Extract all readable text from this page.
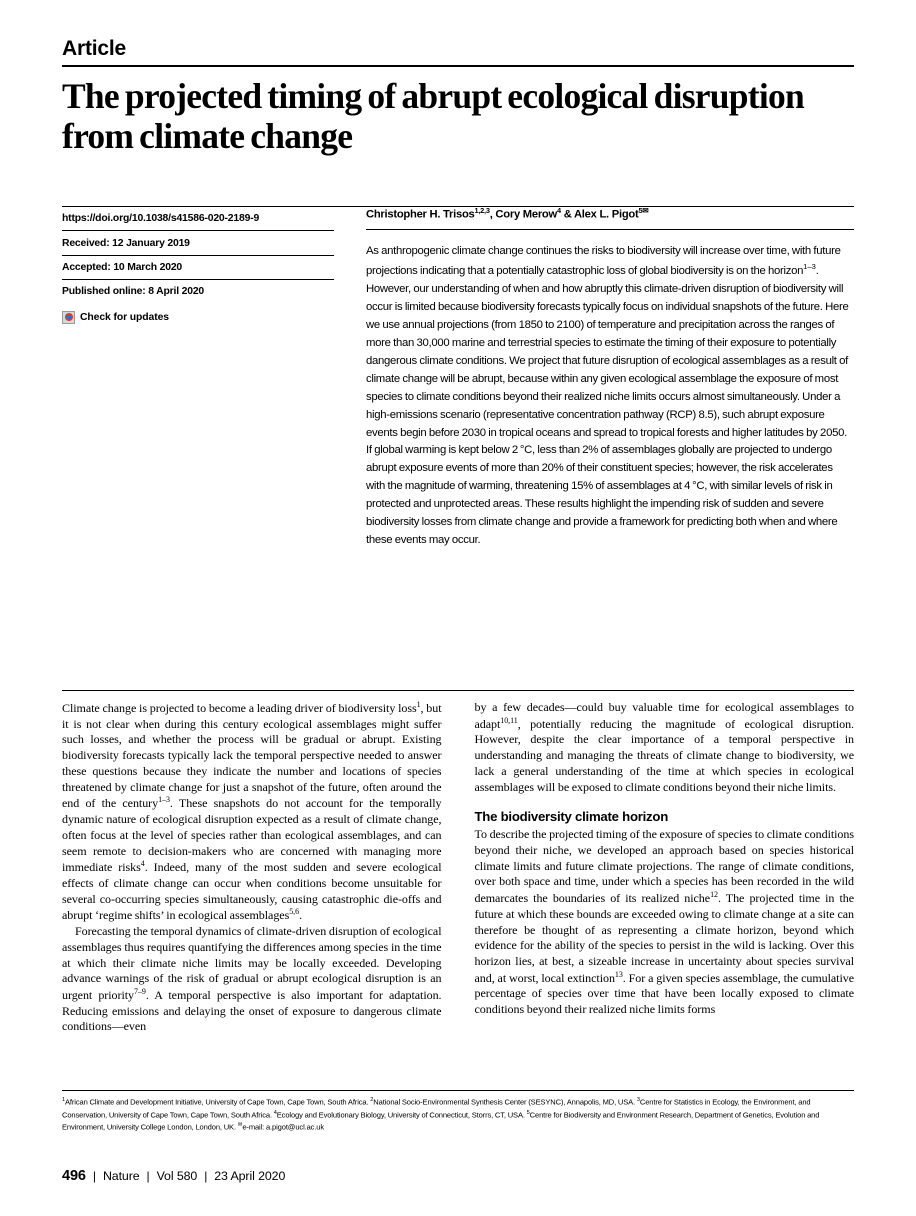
Article
The projected timing of abrupt ecological disruption from climate change
https://doi.org/10.1038/s41586-020-2189-9
Received: 12 January 2019
Accepted: 10 March 2020
Published online: 8 April 2020
Check for updates
Christopher H. Trisos$^{1,2,3}$, Cory Merow$^4$ & Alex L. Pigot$^{5✉}$
As anthropogenic climate change continues the risks to biodiversity will increase over time, with future projections indicating that a potentially catastrophic loss of global biodiversity is on the horizon$^{1-3}$. However, our understanding of when and how abruptly this climate-driven disruption of biodiversity will occur is limited because biodiversity forecasts typically focus on individual snapshots of the future. Here we use annual projections (from 1850 to 2100) of temperature and precipitation across the ranges of more than 30,000 marine and terrestrial species to estimate the timing of their exposure to potentially dangerous climate conditions. We project that future disruption of ecological assemblages as a result of climate change will be abrupt, because within any given ecological assemblage the exposure of most species to climate conditions beyond their realized niche limits occurs almost simultaneously. Under a high-emissions scenario (representative concentration pathway (RCP) 8.5), such abrupt exposure events begin before 2030 in tropical oceans and spread to tropical forests and higher latitudes by 2050. If global warming is kept below 2 °C, less than 2% of assemblages globally are projected to undergo abrupt exposure events of more than 20% of their constituent species; however, the risk accelerates with the magnitude of warming, threatening 15% of assemblages at 4 °C, with similar levels of risk in protected and unprotected areas. These results highlight the impending risk of sudden and severe biodiversity losses from climate change and provide a framework for predicting both when and where these events may occur.

Climate change is projected to become a leading driver of biodiversity loss$^1$, but it is not clear when during this century ecological assemblages might suffer such losses, and whether the process will be gradual or abrupt. Existing biodiversity forecasts typically lack the temporal perspective needed to answer these questions because they indicate the number and locations of species threatened by climate change for just a snapshot of the future, often around the end of the century$^{1-3}$. These snapshots do not account for the temporally dynamic nature of ecological disruption expected as a result of climate change, often focus at the level of species rather than ecological assemblages, and can seem remote to decision-makers who are concerned with managing more immediate risks$^4$. Indeed, many of the most sudden and severe ecological effects of climate change can occur when conditions become unsuitable for several co-occurring species simultaneously, causing catastrophic die-offs and abrupt ‘regime shifts’ in ecological assemblages$^{5,6}$.

Forecasting the temporal dynamics of climate-driven disruption of ecological assemblages thus requires quantifying the differences among species in the time at which their climate niche limits may be locally exceeded. Developing advance warnings of the risk of gradual or abrupt ecological disruption is an urgent priority$^{7-9}$. A temporal perspective is also important for adaptation. Reducing emissions and delaying the onset of exposure to dangerous climate conditions—even

by a few decades—could buy valuable time for ecological assemblages to adapt$^{10,11}$, potentially reducing the magnitude of ecological disruption. However, despite the clear importance of a temporal perspective in understanding and managing the threats of climate change to biodiversity, we lack a general understanding of the time at which species in ecological assemblages will be exposed to climate conditions beyond their niche limits.

The biodiversity climate horizon

To describe the projected timing of the exposure of species to climate conditions beyond their niche, we developed an approach based on species historical climate limits and future climate projections. The range of climate conditions, over both space and time, under which a species has been recorded in the wild demarcates the boundaries of its realized niche$^{12}$. The projected time in the future at which these bounds are exceeded owing to climate change at a site can therefore be thought of as representing a climate horizon, beyond which evidence for the ability of the species to persist in the wild is lacking. Over this horizon lies, at best, a sizeable increase in uncertainty about species survival and, at worst, local extinction$^{13}$. For a given species assemblage, the cumulative percentage of species over time that have been locally exposed to climate conditions beyond their realized niche limits forms

$^1$African Climate and Development Initiative, University of Cape Town, Cape Town, South Africa. $^2$National Socio-Environmental Synthesis Center (SESYNC), Annapolis, MD, USA. $^3$Centre for Statistics in Ecology, the Environment, and Conservation, University of Cape Town, Cape Town, South Africa. $^4$Ecology and Evolutionary Biology, University of Connecticut, Storrs, CT, USA. $^5$Centre for Biodiversity and Environment Research, Department of Genetics, Evolution and Environment, University College London, London, UK. ✉e-mail: a.pigot@ucl.ac.uk
496 | Nature | Vol 580 | 23 April 2020
